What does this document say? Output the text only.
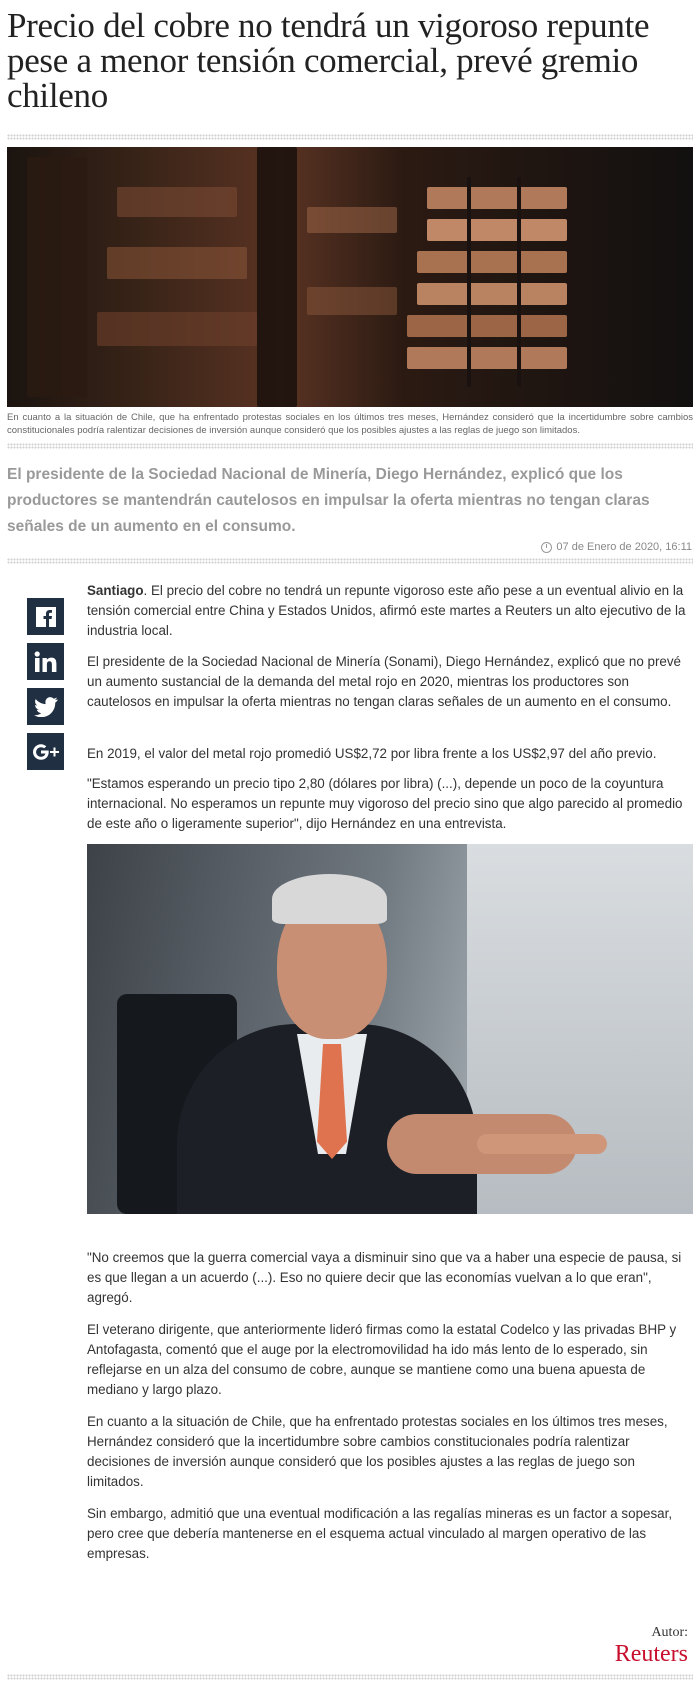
Precio del cobre no tendrá un vigoroso repunte pese a menor tensión comercial, prevé gremio chileno

En cuanto a la situación de Chile, que ha enfrentado protestas sociales en los últimos tres meses, Hernández consideró que la incertidumbre sobre cambios constitucionales podría ralentizar decisiones de inversión aunque consideró que los posibles ajustes a las reglas de juego son limitados.

El presidente de la Sociedad Nacional de Minería, Diego Hernández, explicó que los productores se mantendrán cautelosos en impulsar la oferta mientras no tengan claras señales de un aumento en el consumo.

07 de Enero de 2020, 16:11

Santiago. El precio del cobre no tendrá un repunte vigoroso este año pese a un eventual alivio en la tensión comercial entre China y Estados Unidos, afirmó este martes a Reuters un alto ejecutivo de la industria local.

El presidente de la Sociedad Nacional de Minería (Sonami), Diego Hernández, explicó que no prevé un aumento sustancial de la demanda del metal rojo en 2020, mientras los productores son cautelosos en impulsar la oferta mientras no tengan claras señales de un aumento en el consumo.

En 2019, el valor del metal rojo promedió US$2,72 por libra frente a los US$2,97 del año previo.

"Estamos esperando un precio tipo 2,80 (dólares por libra) (...), depende un poco de la coyuntura internacional. No esperamos un repunte muy vigoroso del precio sino que algo parecido al promedio de este año o ligeramente superior", dijo Hernández en una entrevista.

"No creemos que la guerra comercial vaya a disminuir sino que va a haber una especie de pausa, si es que llegan a un acuerdo (...). Eso no quiere decir que las economías vuelvan a lo que eran", agregó.

El veterano dirigente, que anteriormente lideró firmas como la estatal Codelco y las privadas BHP y Antofagasta, comentó que el auge por la electromovilidad ha ido más lento de lo esperado, sin reflejarse en un alza del consumo de cobre, aunque se mantiene como una buena apuesta de mediano y largo plazo.

En cuanto a la situación de Chile, que ha enfrentado protestas sociales en los últimos tres meses, Hernández consideró que la incertidumbre sobre cambios constitucionales podría ralentizar decisiones de inversión aunque consideró que los posibles ajustes a las reglas de juego son limitados.

Sin embargo, admitió que una eventual modificación a las regalías mineras es un factor a sopesar, pero cree que debería mantenerse en el esquema actual vinculado al margen operativo de las empresas.

Autor:
Reuters
